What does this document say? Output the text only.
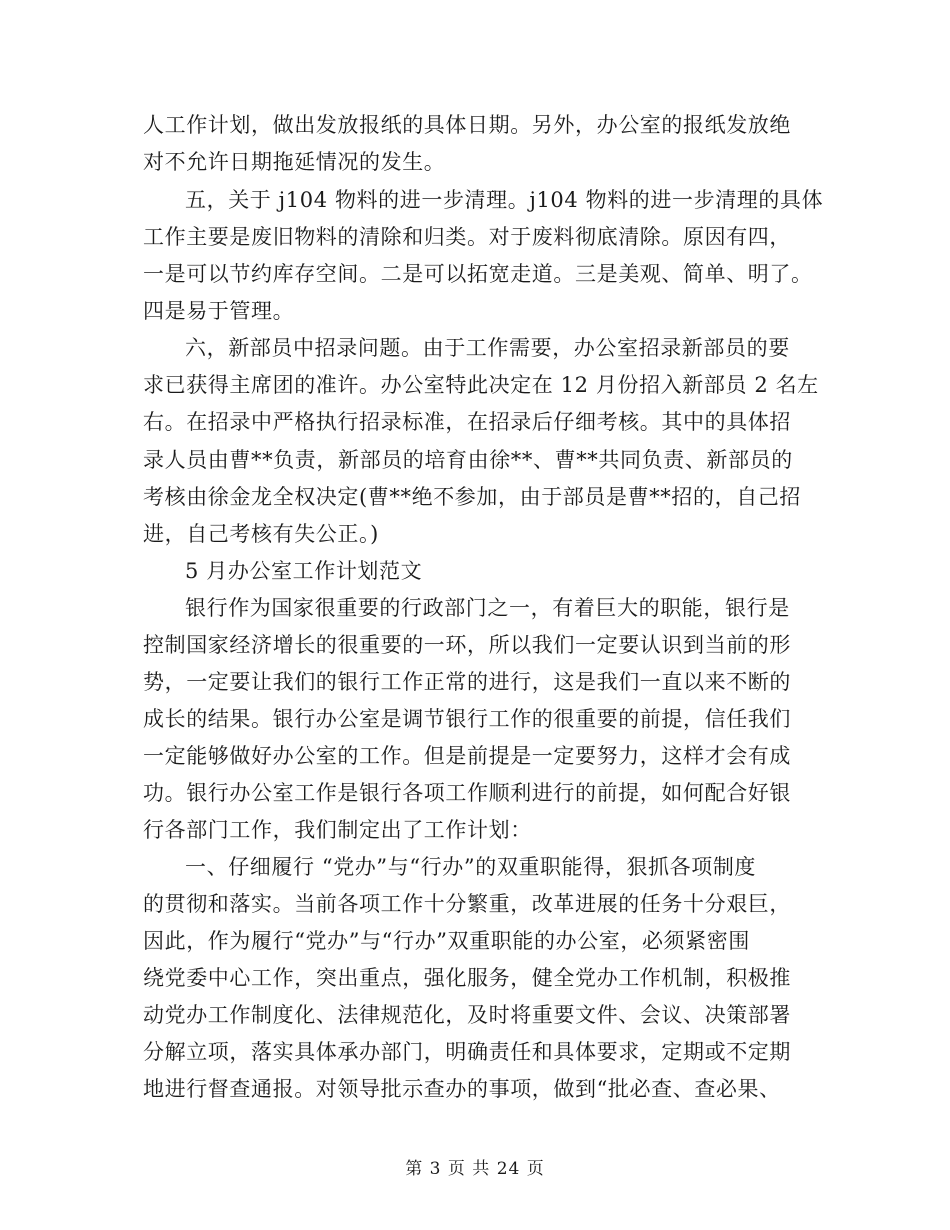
人工作计划，做出发放报纸的具体日期。另外，办公室的报纸发放绝
对不允许日期拖延情况的发生。
五，关于 j104 物料的进一步清理。j104 物料的进一步清理的具体
工作主要是废旧物料的清除和归类。对于废料彻底清除。原因有四，
一是可以节约库存空间。二是可以拓宽走道。三是美观、简单、明了。
四是易于管理。
六，新部员中招录问题。由于工作需要，办公室招录新部员的要
求已获得主席团的准许。办公室特此决定在 12 月份招入新部员 2 名左
右。在招录中严格执行招录标准，在招录后仔细考核。其中的具体招
录人员由曹**负责，新部员的培育由徐**、曹**共同负责、新部员的
考核由徐金龙全权决定(曹**绝不参加，由于部员是曹**招的，自己招
进，自己考核有失公正。)
5 月办公室工作计划范文
银行作为国家很重要的行政部门之一，有着巨大的职能，银行是
控制国家经济增长的很重要的一环，所以我们一定要认识到当前的形
势，一定要让我们的银行工作正常的进行，这是我们一直以来不断的
成长的结果。银行办公室是调节银行工作的很重要的前提，信任我们
一定能够做好办公室的工作。但是前提是一定要努力，这样才会有成
功。银行办公室工作是银行各项工作顺利进行的前提，如何配合好银
行各部门工作，我们制定出了工作计划：
一、仔细履行 “党办”与“行办”的双重职能得，狠抓各项制度
的贯彻和落实。当前各项工作十分繁重，改革进展的任务十分艰巨，
因此，作为履行“党办”与“行办”双重职能的办公室，必须紧密围
绕党委中心工作，突出重点，强化服务，健全党办工作机制，积极推
动党办工作制度化、法律规范化，及时将重要文件、会议、决策部署
分解立项，落实具体承办部门，明确责任和具体要求，定期或不定期
地进行督查通报。对领导批示查办的事项，做到“批必查、查必果、
第 3 页 共 24 页
